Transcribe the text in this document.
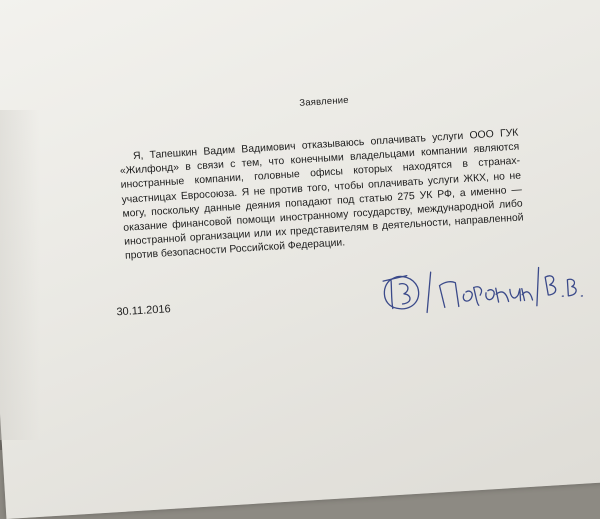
Заявление
Я, Тапешкин Вадим Вадимович отказываюсь оплачивать услуги ООО ГУК «Жилфонд» в связи с тем, что конечными владельцами компании являются иностранные компании, головные офисы которых находятся в странах-участницах Евросоюза. Я не против того, чтобы оплачивать услуги ЖКХ, но не могу, поскольку данные деяния попадают под статью 275 УК РФ, а именно — оказание финансовой помощи иностранному государству, международной либо иностранной организации или их представителям в деятельности, направленной против безопасности Российской Федерации.
30.11.2016
